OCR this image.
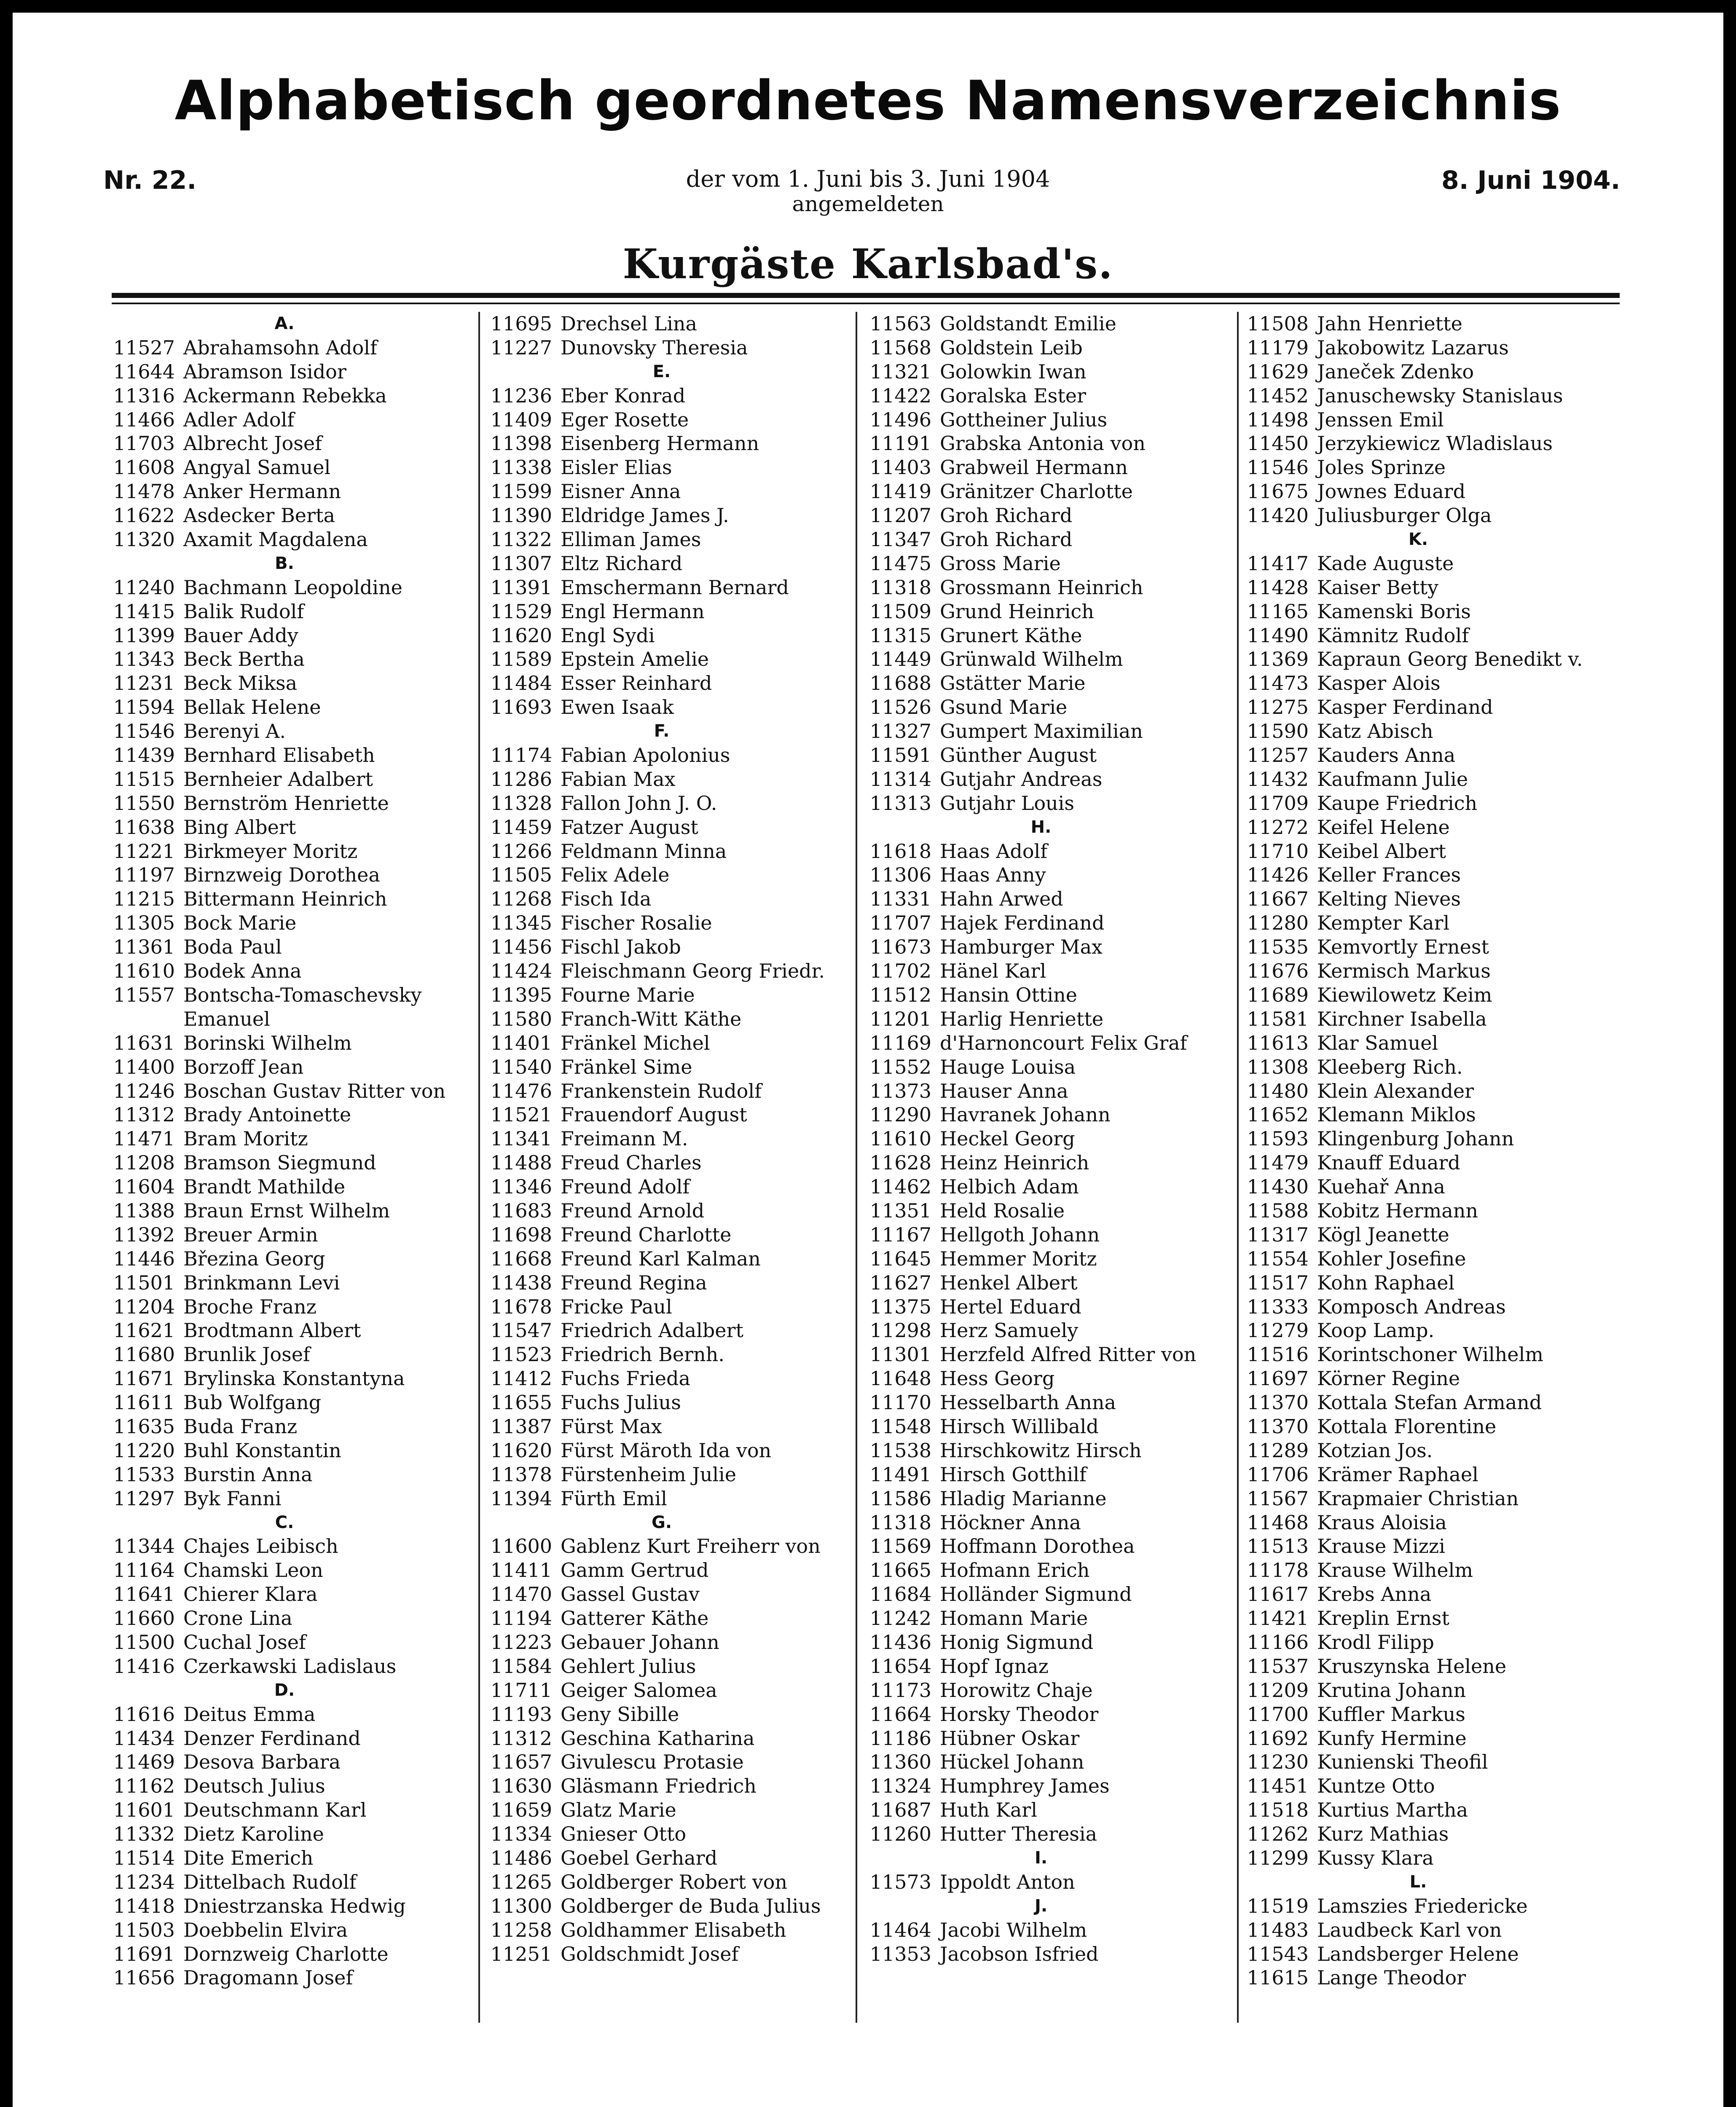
Alphabetisch geordnetes Namensverzeichnis
Nr. 22.	8. Juni 1904.
der vom 1. Juni bis 3. Juni 1904
angemeldeten
Kurgäste Karlsbad's.
A.
11527 Abrahamsohn Adolf
11644 Abramson Isidor
11316 Ackermann Rebekka
11466 Adler Adolf
11703 Albrecht Josef
11608 Angyal Samuel
11478 Anker Hermann
11622 Asdecker Berta
11320 Axamit Magdalena
B.
11240 Bachmann Leopoldine
11415 Balik Rudolf
11399 Bauer Addy
11343 Beck Bertha
11231 Beck Miksa
11594 Bellak Helene
11546 Berenyi A.
11439 Bernhard Elisabeth
11515 Bernheier Adalbert
11550 Bernström Henriette
11638 Bing Albert
11221 Birkmeyer Moritz
11197 Birnzweig Dorothea
11215 Bittermann Heinrich
11305 Bock Marie
11361 Boda Paul
11610 Bodek Anna
11557 Bontscha-Tomaschevsky
Emanuel
11631 Borinski Wilhelm
11400 Borzoff Jean
11246 Boschan Gustav Ritter von
11312 Brady Antoinette
11471 Bram Moritz
11208 Bramson Siegmund
11604 Brandt Mathilde
11388 Braun Ernst Wilhelm
11392 Breuer Armin
11446 Březina Georg
11501 Brinkmann Levi
11204 Broche Franz
11621 Brodtmann Albert
11680 Brunlik Josef
11671 Brylinska Konstantyna
11611 Bub Wolfgang
11635 Buda Franz
11220 Buhl Konstantin
11533 Burstin Anna
11297 Byk Fanni
C.
11344 Chajes Leibisch
11164 Chamski Leon
11641 Chierer Klara
11660 Crone Lina
11500 Cuchal Josef
11416 Czerkawski Ladislaus
D.
11616 Deitus Emma
11434 Denzer Ferdinand
11469 Desova Barbara
11162 Deutsch Julius
11601 Deutschmann Karl
11332 Dietz Karoline
11514 Dite Emerich
11234 Dittelbach Rudolf
11418 Dniestrzanska Hedwig
11503 Doebbelin Elvira
11691 Dornzweig Charlotte
11656 Dragomann Josef
11695 Drechsel Lina
11227 Dunovsky Theresia
E.
11236 Eber Konrad
11409 Eger Rosette
11398 Eisenberg Hermann
11338 Eisler Elias
11599 Eisner Anna
11390 Eldridge James J.
11322 Elliman James
11307 Eltz Richard
11391 Emschermann Bernard
11529 Engl Hermann
11620 Engl Sydi
11589 Epstein Amelie
11484 Esser Reinhard
11693 Ewen Isaak
F.
11174 Fabian Apolonius
11286 Fabian Max
11328 Fallon John J. O.
11459 Fatzer August
11266 Feldmann Minna
11505 Felix Adele
11268 Fisch Ida
11345 Fischer Rosalie
11456 Fischl Jakob
11424 Fleischmann Georg Friedr.
11395 Fourne Marie
11580 Franch-Witt Käthe
11401 Fränkel Michel
11540 Fränkel Sime
11476 Frankenstein Rudolf
11521 Frauendorf August
11341 Freimann M.
11488 Freud Charles
11346 Freund Adolf
11683 Freund Arnold
11698 Freund Charlotte
11668 Freund Karl Kalman
11438 Freund Regina
11678 Fricke Paul
11547 Friedrich Adalbert
11523 Friedrich Bernh.
11412 Fuchs Frieda
11655 Fuchs Julius
11387 Fürst Max
11620 Fürst Märoth Ida von
11378 Fürstenheim Julie
11394 Fürth Emil
G.
11600 Gablenz Kurt Freiherr von
11411 Gamm Gertrud
11470 Gassel Gustav
11194 Gatterer Käthe
11223 Gebauer Johann
11584 Gehlert Julius
11711 Geiger Salomea
11193 Geny Sibille
11312 Geschina Katharina
11657 Givulescu Protasie
11630 Gläsmann Friedrich
11659 Glatz Marie
11334 Gnieser Otto
11486 Goebel Gerhard
11265 Goldberger Robert von
11300 Goldberger de Buda Julius
11258 Goldhammer Elisabeth
11251 Goldschmidt Josef
11563 Goldstandt Emilie
11568 Goldstein Leib
11321 Golowkin Iwan
11422 Goralska Ester
11496 Gottheiner Julius
11191 Grabska Antonia von
11403 Grabweil Hermann
11419 Gränitzer Charlotte
11207 Groh Richard
11347 Groh Richard
11475 Gross Marie
11318 Grossmann Heinrich
11509 Grund Heinrich
11315 Grunert Käthe
11449 Grünwald Wilhelm
11688 Gstätter Marie
11526 Gsund Marie
11327 Gumpert Maximilian
11591 Günther August
11314 Gutjahr Andreas
11313 Gutjahr Louis
H.
11618 Haas Adolf
11306 Haas Anny
11331 Hahn Arwed
11707 Hajek Ferdinand
11673 Hamburger Max
11702 Hänel Karl
11512 Hansin Ottine
11201 Harlig Henriette
11169 d'Harnoncourt Felix Graf
11552 Hauge Louisa
11373 Hauser Anna
11290 Havranek Johann
11610 Heckel Georg
11628 Heinz Heinrich
11462 Helbich Adam
11351 Held Rosalie
11167 Hellgoth Johann
11645 Hemmer Moritz
11627 Henkel Albert
11375 Hertel Eduard
11298 Herz Samuely
11301 Herzfeld Alfred Ritter von
11648 Hess Georg
11170 Hesselbarth Anna
11548 Hirsch Willibald
11538 Hirschkowitz Hirsch
11491 Hirsch Gotthilf
11586 Hladig Marianne
11318 Höckner Anna
11569 Hoffmann Dorothea
11665 Hofmann Erich
11684 Holländer Sigmund
11242 Homann Marie
11436 Honig Sigmund
11654 Hopf Ignaz
11173 Horowitz Chaje
11664 Horsky Theodor
11186 Hübner Oskar
11360 Hückel Johann
11324 Humphrey James
11687 Huth Karl
11260 Hutter Theresia
I.
11573 Ippoldt Anton
J.
11464 Jacobi Wilhelm
11353 Jacobson Isfried
11508 Jahn Henriette
11179 Jakobowitz Lazarus
11629 Janeček Zdenko
11452 Januschewsky Stanislaus
11498 Jenssen Emil
11450 Jerzykiewicz Wladislaus
11546 Joles Sprinze
11675 Jownes Eduard
11420 Juliusburger Olga
K.
11417 Kade Auguste
11428 Kaiser Betty
11165 Kamenski Boris
11490 Kämnitz Rudolf
11369 Kapraun Georg Benedikt v.
11473 Kasper Alois
11275 Kasper Ferdinand
11590 Katz Abisch
11257 Kauders Anna
11432 Kaufmann Julie
11709 Kaupe Friedrich
11272 Keifel Helene
11710 Keibel Albert
11426 Keller Frances
11667 Kelting Nieves
11280 Kempter Karl
11535 Kemvortly Ernest
11676 Kermisch Markus
11689 Kiewilowetz Keim
11581 Kirchner Isabella
11613 Klar Samuel
11308 Kleeberg Rich.
11480 Klein Alexander
11652 Klemann Miklos
11593 Klingenburg Johann
11479 Knauff Eduard
11430 Kuehař Anna
11588 Kobitz Hermann
11317 Kögl Jeanette
11554 Kohler Josefine
11517 Kohn Raphael
11333 Komposch Andreas
11279 Koop Lamp.
11516 Korintschoner Wilhelm
11697 Körner Regine
11370 Kottala Stefan Armand
11370 Kottala Florentine
11289 Kotzian Jos.
11706 Krämer Raphael
11567 Krapmaier Christian
11468 Kraus Aloisia
11513 Krause Mizzi
11178 Krause Wilhelm
11617 Krebs Anna
11421 Kreplin Ernst
11166 Krodl Filipp
11537 Kruszynska Helene
11209 Krutina Johann
11700 Kuffler Markus
11692 Kunfy Hermine
11230 Kunienski Theofil
11451 Kuntze Otto
11518 Kurtius Martha
11262 Kurz Mathias
11299 Kussy Klara
L.
11519 Lamszies Friedericke
11483 Laudbeck Karl von
11543 Landsberger Helene
11615 Lange Theodor
